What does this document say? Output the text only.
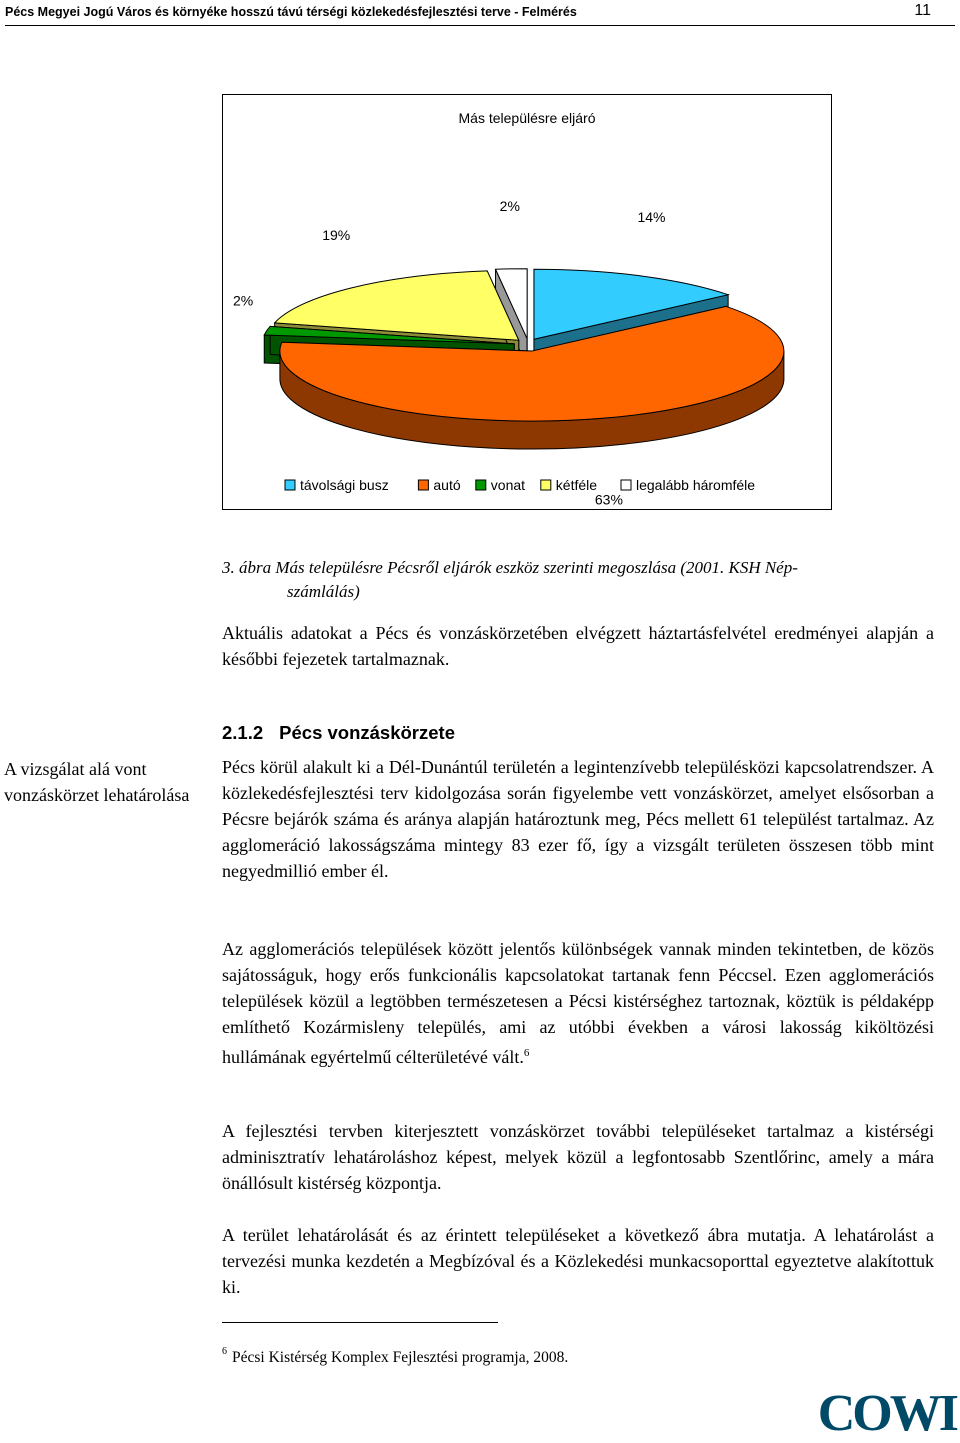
Pécs Megyei Jogú Város és környéke hosszú távú térségi közlekedésfejlesztési terve - Felmérés	11
Más településre eljáró
14%
63%
2%
19%
2%
távolsági busz	autó vonat kétféle	legalább háromféle
3. ábra Más településre Pécsről eljárók eszköz szerinti megoszlása (2001. KSH Nép-
számlálás)
Aktuális adatokat a Pécs és vonzáskörzetében elvégzett háztartásfelvétel eredményei alapján a későbbi fejezetek tartalmaznak.
2.1.2 Pécs vonzáskörzete
A vizsgálat alá vont vonzáskörzet lehatárolása
Pécs körül alakult ki a Dél-Dunántúl területén a legintenzívebb településközi kapcsolatrendszer. A közlekedésfejlesztési terv kidolgozása során figyelembe vett vonzáskörzet, amelyet elsősorban a Pécsre bejárók száma és aránya alapján határoztunk meg, Pécs mellett 61 települést tartalmaz. Az agglomeráció lakosságszáma mintegy 83 ezer fő, így a vizsgált területen összesen több mint negyedmillió ember él.
Az agglomerációs települések között jelentős különbségek vannak minden tekintetben, de közös sajátosságuk, hogy erős funkcionális kapcsolatokat tartanak fenn Péccsel. Ezen agglomerációs települések közül a legtöbben természetesen a Pécsi kistérséghez tartoznak, köztük is példaképp említhető Kozármisleny település, ami az utóbbi években a városi lakosság kiköltözési hullámának egyértelmű célterületévé vált.$^6$
A fejlesztési tervben kiterjesztett vonzáskörzet további településeket tartalmaz a kistérségi adminisztratív lehatároláshoz képest, melyek közül a legfontosabb Szentlőrinc, amely a mára önállósult kistérség központja.
A terület lehatárolását és az érintett településeket a következő ábra mutatja. A lehatárolást a tervezési munka kezdetén a Megbízóval és a Közlekedési munkacsoporttal egyeztetve alakítottuk ki.
$^6$ Pécsi Kistérség Komplex Fejlesztési programja, 2008.
COWI
